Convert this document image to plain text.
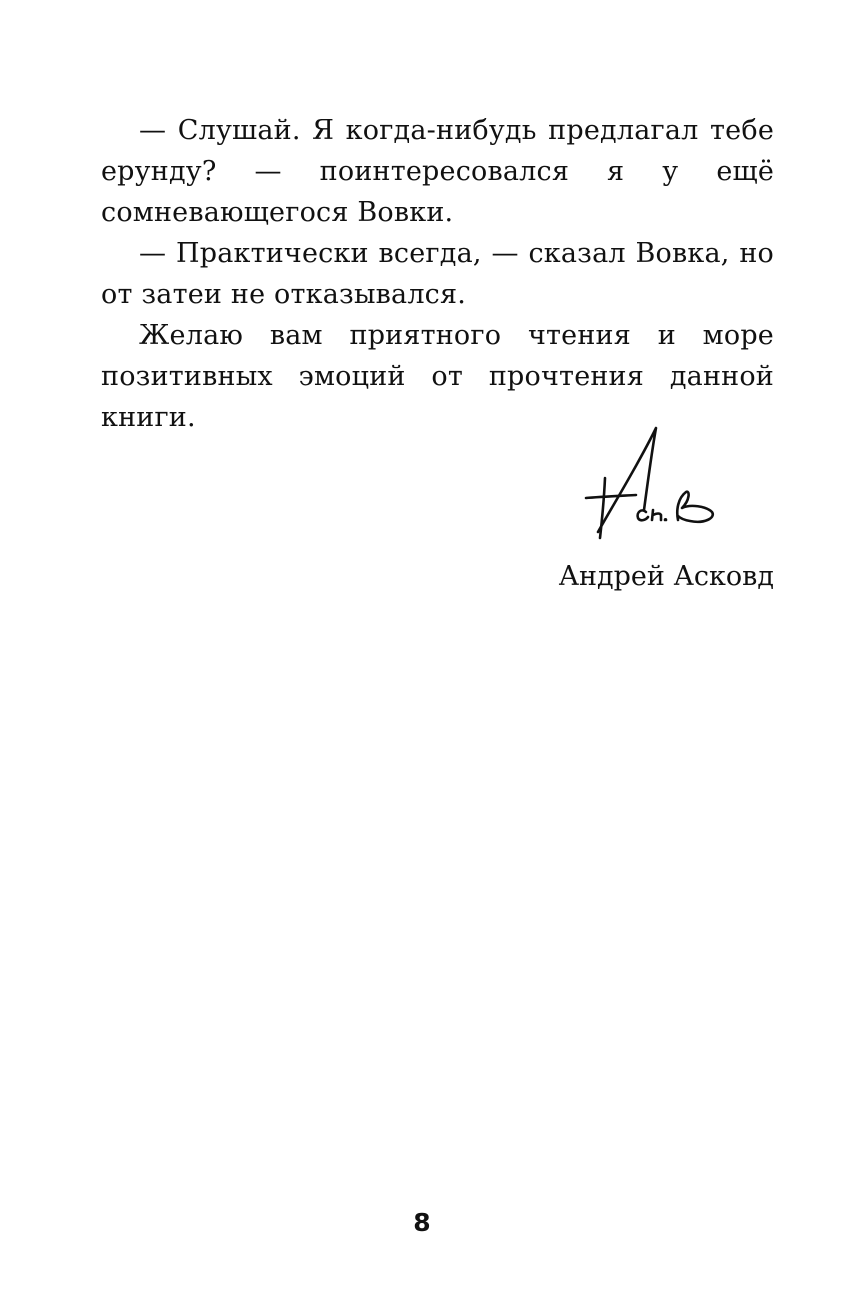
— Слушай. Я когда-нибудь предлагал тебе ерунду? — поинтересовался я у ещё сомневающегося Вовки.

— Практически всегда, — сказал Вовка, но от затеи не отказывался.

Желаю вам приятного чтения и море позитивных эмоций от прочтения данной книги.

Андрей Асковд
8
